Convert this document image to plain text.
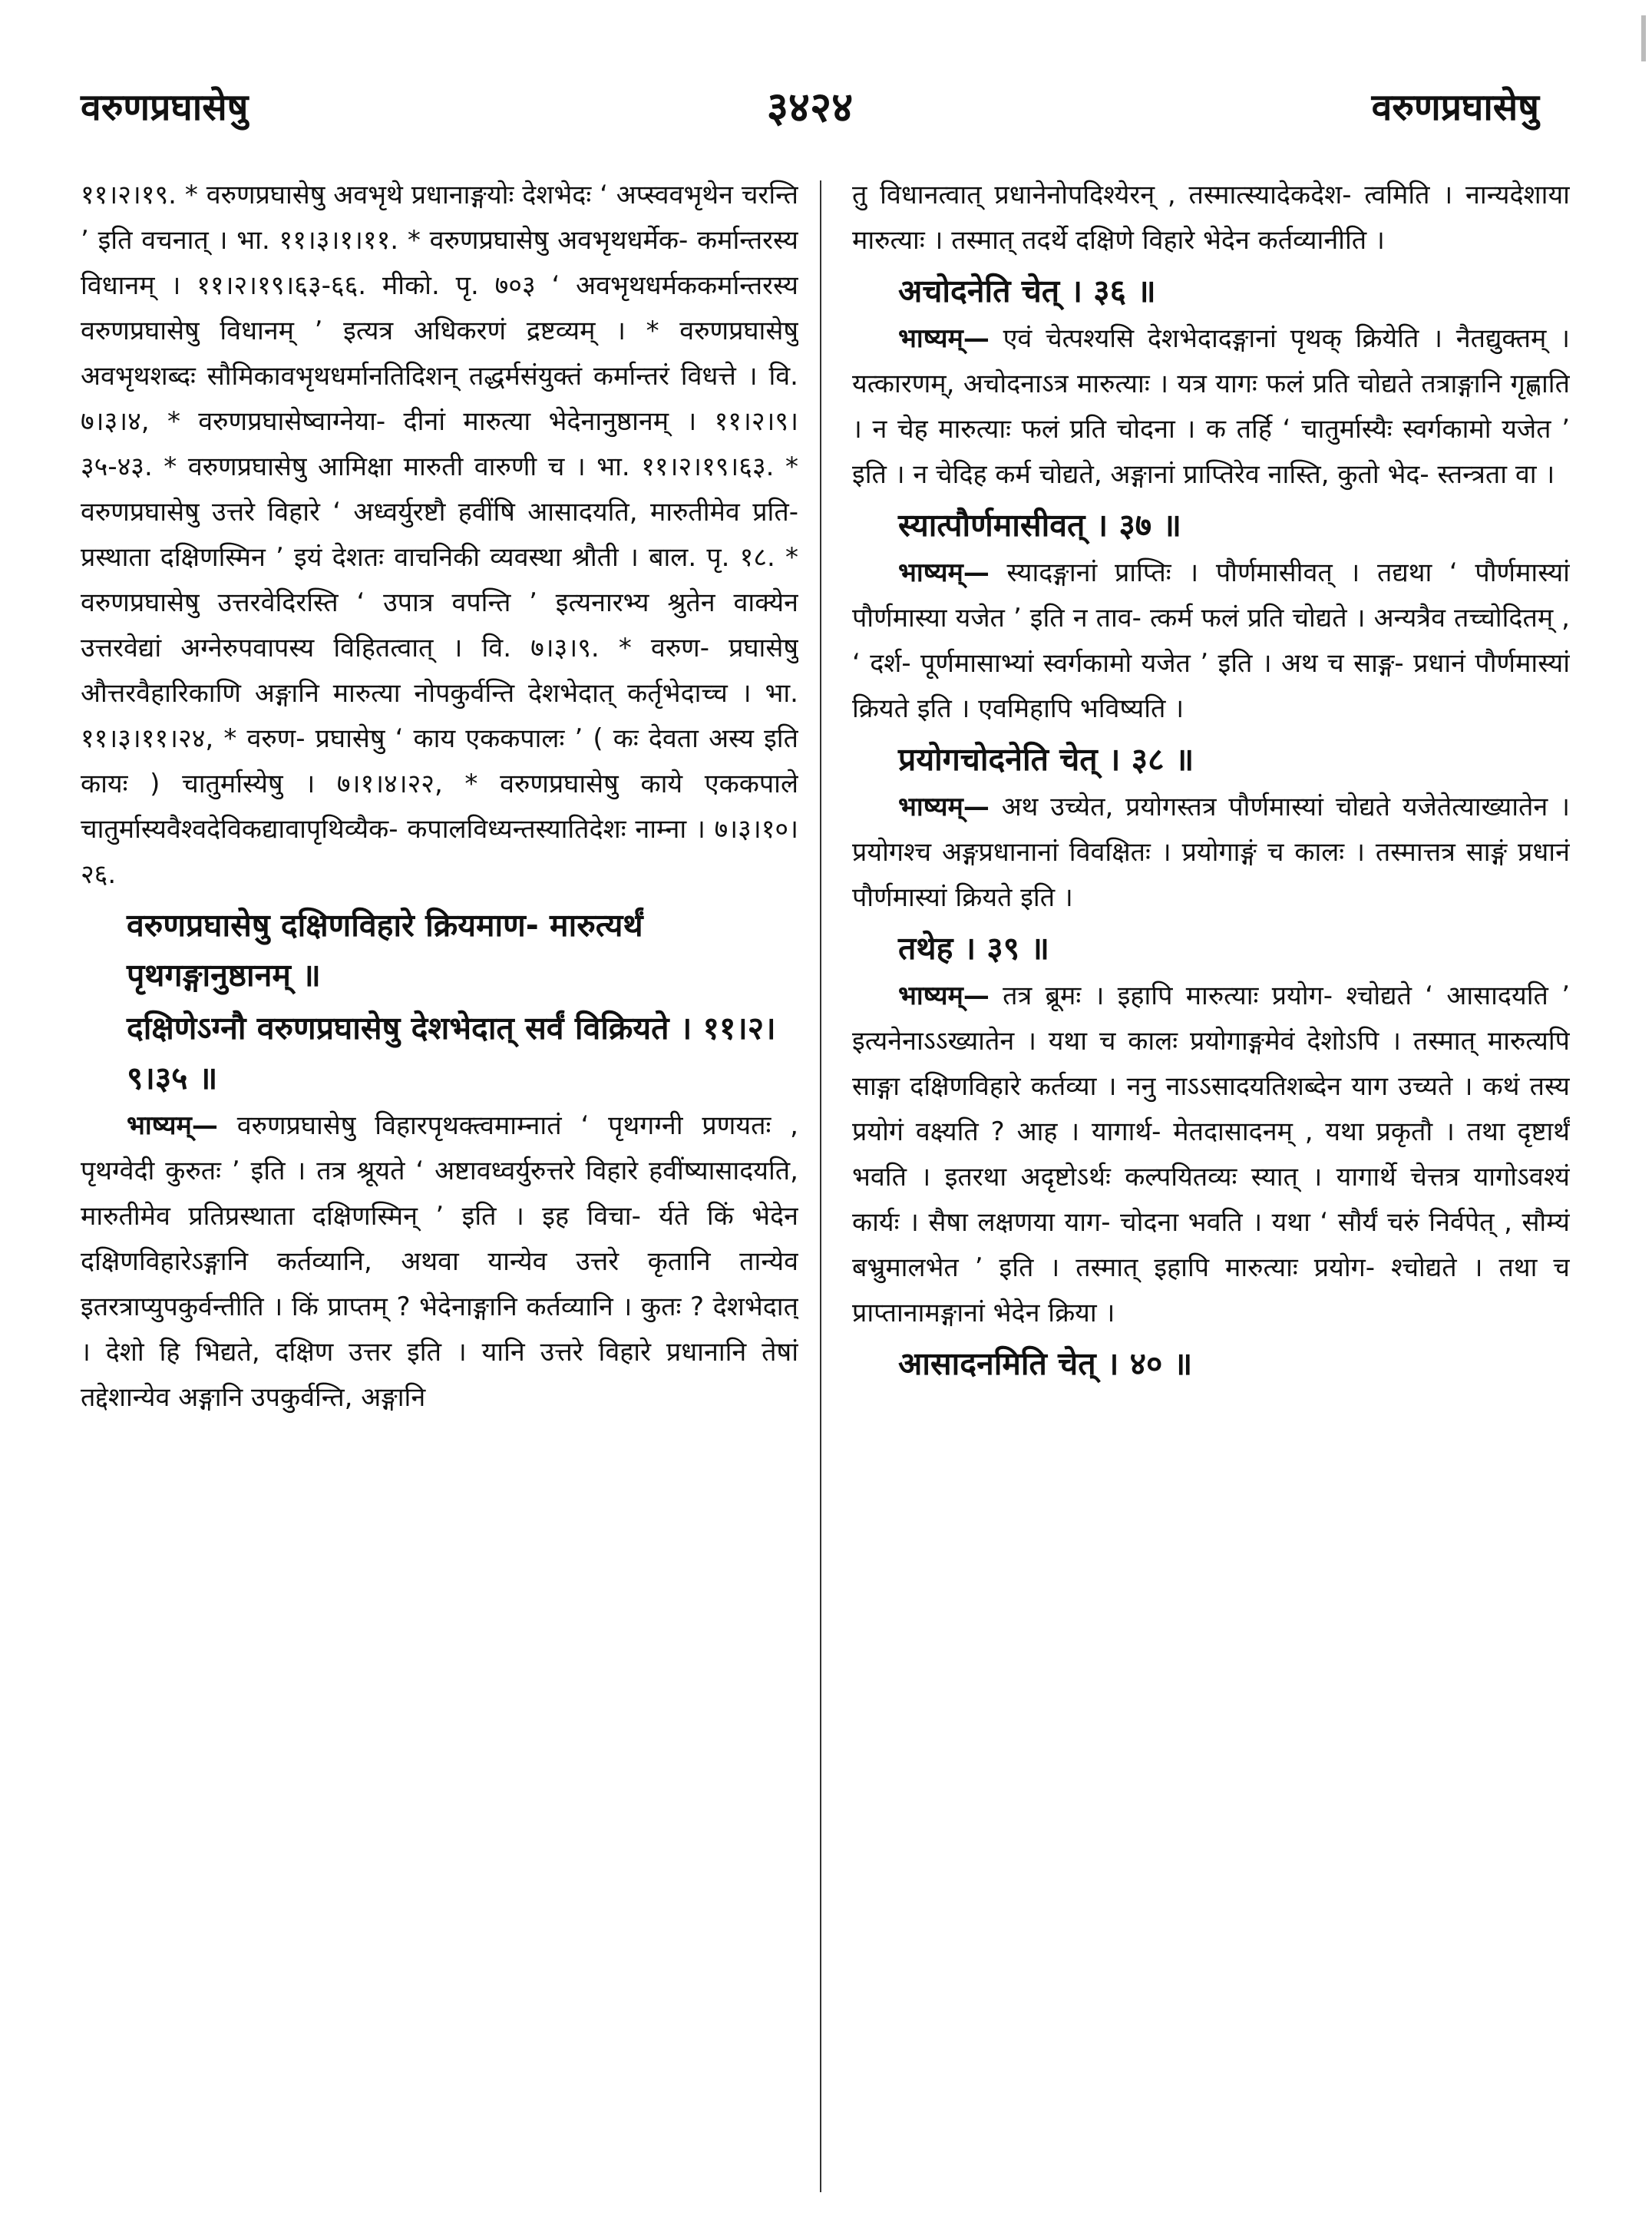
३४२४
वरुणप्रघासेषु	वरुणप्रघासेषु

११।२।१९. * वरुणप्रघासेषु अवभृथे प्रधानाङ्गयोः देशभेदः ‘ अप्स्ववभृथेन चरन्ति ’ इति वचनात् । भा. ११।३।१।११. * वरुणप्रघासेषु अवभृथधर्मेक- कर्मान्तरस्य विधानम् । ११।२।१९।६३-६६. मीको. पृ. ७०३ ‘ अवभृथधर्मककर्मान्तरस्य वरुणप्रघासेषु विधानम् ’ इत्यत्र अधिकरणं द्रष्टव्यम् । * वरुणप्रघासेषु अवभृथशब्दः सौमिकावभृथधर्मानतिदिशन् तद्धर्मसंयुक्तं कर्मान्तरं विधत्ते । वि. ७।३।४, * वरुणप्रघासेष्वाग्नेया- दीनां मारुत्या भेदेनानुष्ठानम् । ११।२।९।३५-४३. * वरुणप्रघासेषु आमिक्षा मारुती वारुणी च । भा. ११।२।१९।६३. * वरुणप्रघासेषु उत्तरे विहारे ‘ अध्वर्युरष्टौ हवींषि आसादयति, मारुतीमेव प्रति- प्रस्थाता दक्षिणस्मिन ’ इयं देशतः वाचनिकी व्यवस्था श्रौती । बाल. पृ. १८. * वरुणप्रघासेषु उत्तरवेदिरस्ति ‘ उपात्र वपन्ति ’ इत्यनारभ्य श्रुतेन वाक्येन उत्तरवेद्यां अग्नेरुपवापस्य विहितत्वात् । वि. ७।३।९. * वरुण- प्रघासेषु औत्तरवैहारिकाणि अङ्गानि मारुत्या नोपकुर्वन्ति देशभेदात् कर्तृभेदाच्च । भा. ११।३।११।२४, * वरुण- प्रघासेषु ‘ काय एककपालः ’ ( कः देवता अस्य इति कायः ) चातुर्मास्येषु । ७।१।४।२२, * वरुणप्रघासेषु काये एककपाले चातुर्मास्यवैश्वदेविकद्यावापृथिव्यैक- कपालविध्यन्तस्यातिदेशः नाम्ना । ७।३।१०।२६.

वरुणप्रघासेषु दक्षिणविहारे क्रियमाण- मारुत्यर्थं पृथगङ्गानुष्ठानम् ॥
दक्षिणेऽग्नौ वरुणप्रघासेषु देशभेदात् सर्वं विक्रियते । ११।२।९।३५ ॥

भाष्यम्— वरुणप्रघासेषु विहारपृथक्त्वमाम्नातं ‘ पृथगग्नी प्रणयतः , पृथग्वेदी कुरुतः ’ इति । तत्र श्रूयते ‘ अष्टावध्वर्युरुत्तरे विहारे हवींष्यासादयति, मारुतीमेव प्रतिप्रस्थाता दक्षिणस्मिन् ’ इति । इह विचा- र्यते किं भेदेन दक्षिणविहारेऽङ्गानि कर्तव्यानि, अथवा यान्येव उत्तरे कृतानि तान्येव इतरत्राप्युपकुर्वन्तीति । किं प्राप्तम् ? भेदेनाङ्गानि कर्तव्यानि । कुतः ? देशभेदात् । देशो हि भिद्यते, दक्षिण उत्तर इति । यानि उत्तरे विहारे प्रधानानि तेषां तद्देशान्येव अङ्गानि उपकुर्वन्ति, अङ्गानि

तु विधानत्वात् प्रधानेनोपदिश्येरन् , तस्मात्स्यादेकदेश- त्वमिति । नान्यदेशाया मारुत्याः । तस्मात् तदर्थे दक्षिणे विहारे भेदेन कर्तव्यानीति ।

अचोदनेति चेत् । ३६ ॥

भाष्यम्— एवं चेत्पश्यसि देशभेदादङ्गानां पृथक् क्रियेति । नैतद्युक्तम् । यत्कारणम्, अचोदनाऽत्र मारुत्याः । यत्र यागः फलं प्रति चोद्यते तत्राङ्गानि गृह्णाति । न चेह मारुत्याः फलं प्रति चोदना । क तर्हि ‘ चातुर्मास्यैः स्वर्गकामो यजेत ’ इति । न चेदिह कर्म चोद्यते, अङ्गानां प्राप्तिरेव नास्ति, कुतो भेद- स्तन्त्रता वा ।

स्यात्पौर्णमासीवत् । ३७ ॥

भाष्यम्— स्यादङ्गानां प्राप्तिः । पौर्णमासीवत् । तद्यथा ‘ पौर्णमास्यां पौर्णमास्या यजेत ’ इति न ताव- त्कर्म फलं प्रति चोद्यते । अन्यत्रैव तच्चोदितम् , ‘ दर्श- पूर्णमासाभ्यां स्वर्गकामो यजेत ’ इति । अथ च साङ्ग- प्रधानं पौर्णमास्यां क्रियते इति । एवमिहापि भविष्यति ।

प्रयोगचोदनेति चेत् । ३८ ॥

भाष्यम्— अथ उच्येत, प्रयोगस्तत्र पौर्णमास्यां चोद्यते यजेतेत्याख्यातेन । प्रयोगश्च अङ्गप्रधानानां विवक्षितः । प्रयोगाङ्गं च कालः । तस्मात्तत्र साङ्गं प्रधानं पौर्णमास्यां क्रियते इति ।

तथेह । ३९ ॥

भाष्यम्— तत्र ब्रूमः । इहापि मारुत्याः प्रयोग- श्चोद्यते ‘ आसादयति ’ इत्यनेनाऽऽख्यातेन । यथा च कालः प्रयोगाङ्गमेवं देशोऽपि । तस्मात् मारुत्यपि साङ्गा दक्षिणविहारे कर्तव्या । ननु नाऽऽसादयतिशब्देन याग उच्यते । कथं तस्य प्रयोगं वक्ष्यति ? आह । यागार्थ- मेतदासादनम् , यथा प्रकृतौ । तथा दृष्टार्थं भवति । इतरथा अदृष्टोऽर्थः कल्पयितव्यः स्यात् । यागार्थे चेत्तत्र यागोऽवश्यं कार्यः । सैषा लक्षणया याग- चोदना भवति । यथा ‘ सौर्यं चरुं निर्वपेत् , सौम्यं बभ्रुमालभेत ’ इति । तस्मात् इहापि मारुत्याः प्रयोग- श्चोद्यते । तथा च प्राप्तानामङ्गानां भेदेन क्रिया ।

आसादनमिति चेत् । ४० ॥
